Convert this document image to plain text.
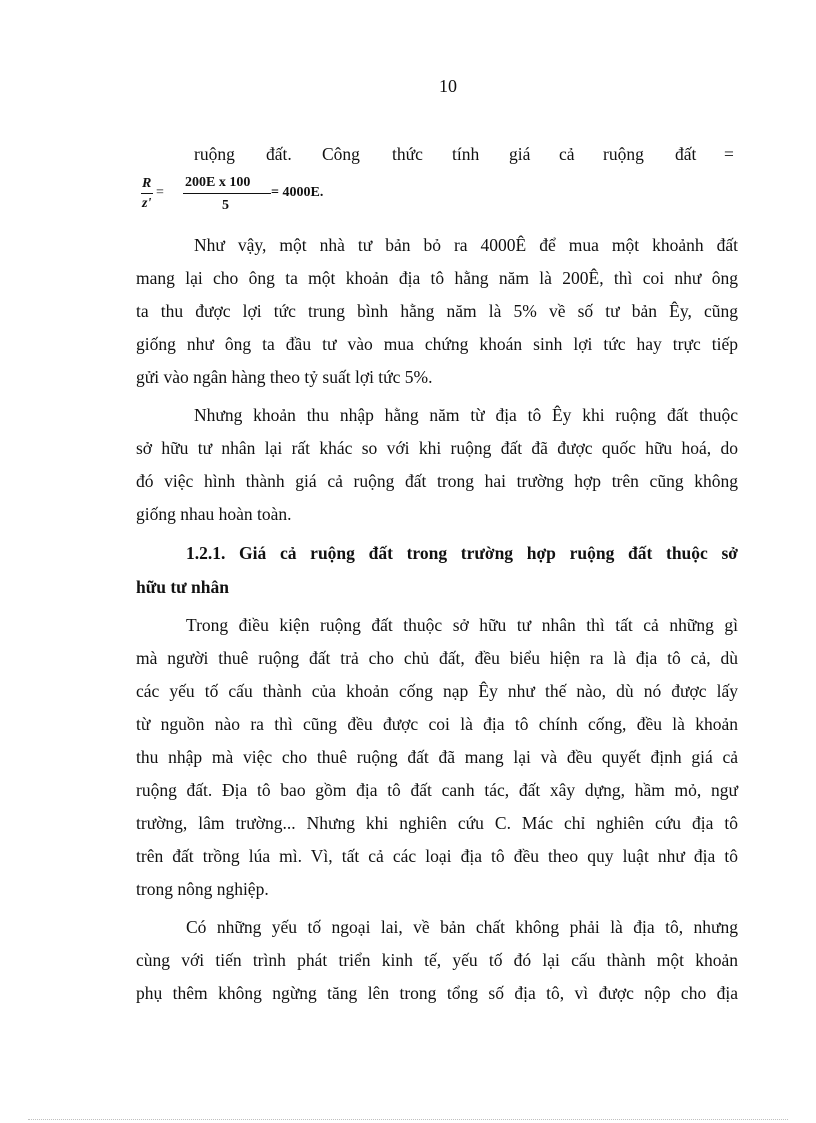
10
ruộng đất. Công thức tính giá cả ruộng đất =
R
z'
=
200E x 100
5
= 4000E.
Như vậy, một nhà tư bản bỏ ra 4000Ê để mua một khoảnh đất
mang lại cho ông ta một khoản địa tô hằng năm là 200Ê, thì coi như ông
ta thu được lợi tức trung bình hằng năm là 5% về số tư bản Êy, cũng
giống như ông ta đầu tư vào mua chứng khoán sinh lợi tức hay trực tiếp
gửi vào ngân hàng theo tỷ suất lợi tức 5%.
Nhưng khoản thu nhập hằng năm từ địa tô Êy khi ruộng đất thuộc
sở hữu tư nhân lại rất khác so với khi ruộng đất đã được quốc hữu hoá, do
đó việc hình thành giá cả ruộng đất trong hai trường hợp trên cũng không
giống nhau hoàn toàn.
1.2.1. Giá cả ruộng đất trong trường hợp ruộng đất thuộc sở
hữu tư nhân
Trong điều kiện ruộng đất thuộc sở hữu tư nhân thì tất cả những gì
mà người thuê ruộng đất trả cho chủ đất, đều biểu hiện ra là địa tô cả, dù
các yếu tố cấu thành của khoản cống nạp Êy như thế nào, dù nó được lấy
từ nguồn nào ra thì cũng đều được coi là địa tô chính cống, đều là khoản
thu nhập mà việc cho thuê ruộng đất đã mang lại và đều quyết định giá cả
ruộng đất. Địa tô bao gồm địa tô đất canh tác, đất xây dựng, hầm mỏ, ngư
trường, lâm trường... Nhưng khi nghiên cứu C. Mác chỉ nghiên cứu địa tô
trên đất trồng lúa mì. Vì, tất cả các loại địa tô đều theo quy luật như địa tô
trong nông nghiệp.
Có những yếu tố ngoại lai, về bản chất không phải là địa tô, nhưng
cùng với tiến trình phát triển kinh tế, yếu tố đó lại cấu thành một khoản
phụ thêm không ngừng tăng lên trong tổng số địa tô, vì được nộp cho địa
